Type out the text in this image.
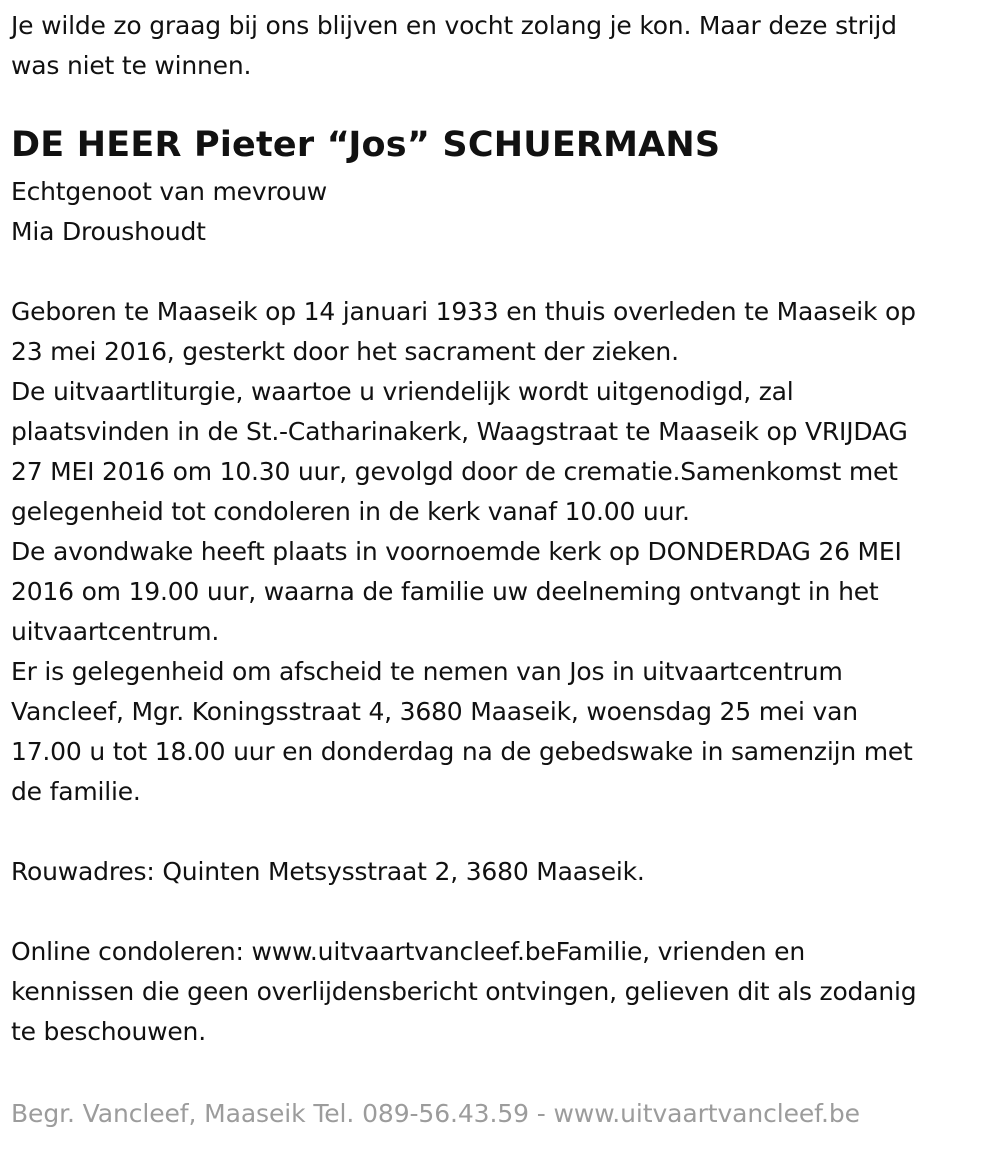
Je wilde zo graag bij ons blijven en vocht zolang je kon. Maar deze strijd
was niet te winnen.
DE HEER Pieter “Jos” SCHUERMANS
Echtgenoot van mevrouw
Mia Droushoudt
Geboren te Maaseik op 14 januari 1933 en thuis overleden te Maaseik op
23 mei 2016, gesterkt door het sacrament der zieken.
De uitvaartliturgie, waartoe u vriendelijk wordt uitgenodigd, zal
plaatsvinden in de St.-Catharinakerk, Waagstraat te Maaseik op VRIJDAG
27 MEI 2016 om 10.30 uur, gevolgd door de crematie.Samenkomst met
gelegenheid tot condoleren in de kerk vanaf 10.00 uur.
De avondwake heeft plaats in voornoemde kerk op DONDERDAG 26 MEI
2016 om 19.00 uur, waarna de familie uw deelneming ontvangt in het
uitvaartcentrum.
Er is gelegenheid om afscheid te nemen van Jos in uitvaartcentrum
Vancleef, Mgr. Koningsstraat 4, 3680 Maaseik, woensdag 25 mei van
17.00 u tot 18.00 uur en donderdag na de gebedswake in samenzijn met
de familie.
Rouwadres: Quinten Metsysstraat 2, 3680 Maaseik.
Online condoleren: www.uitvaartvancleef.beFamilie, vrienden en
kennissen die geen overlijdensbericht ontvingen, gelieven dit als zodanig
te beschouwen.
Begr. Vancleef, Maaseik Tel. 089-56.43.59 - www.uitvaartvancleef.be
